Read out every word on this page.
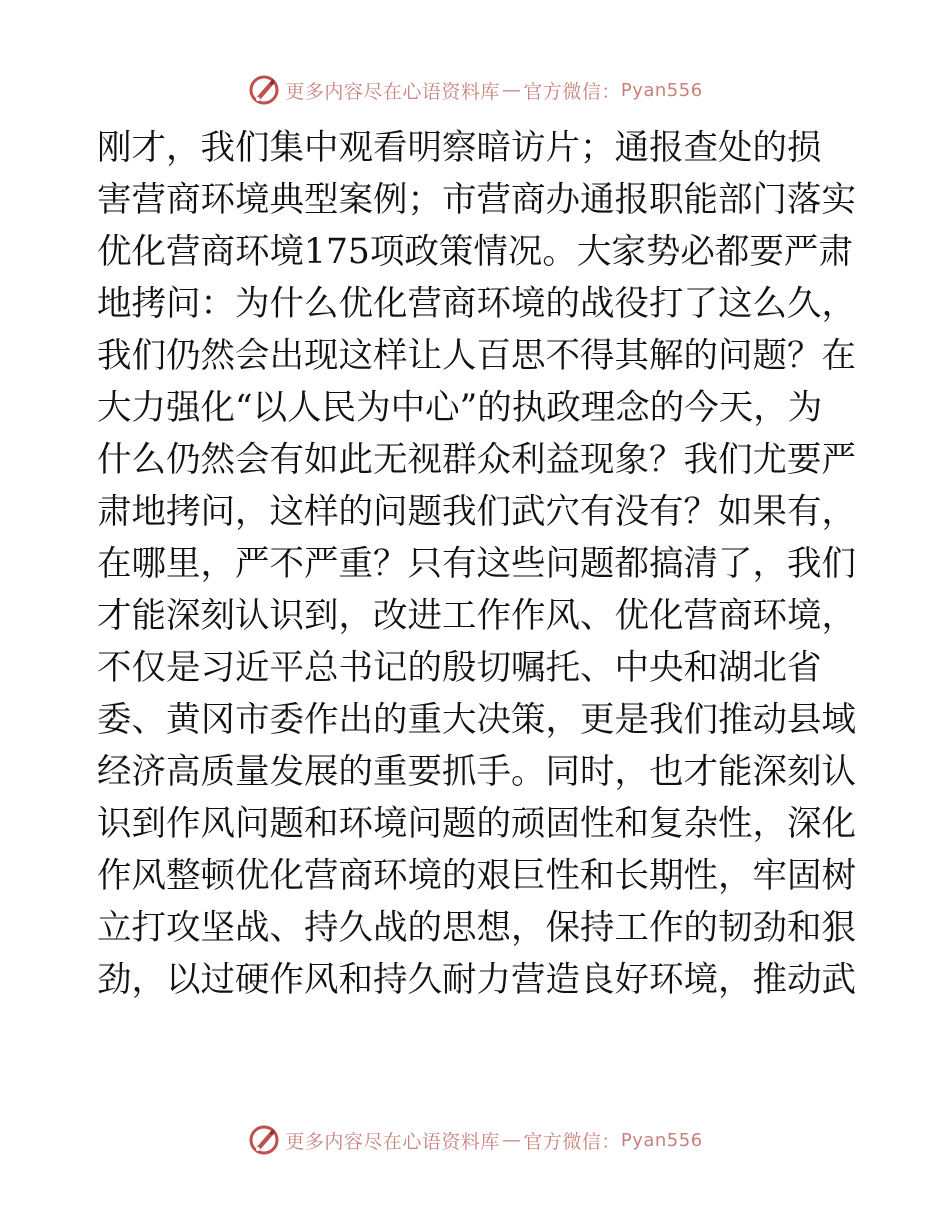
更多内容尽在心语资料库 — 官方微信： Pyan556
刚才，我们集中观看明察暗访片；通报查处的损
害营商环境典型案例；市营商办通报职能部门落实
优化营商环境175项政策情况。大家势必都要严肃
地拷问：为什么优化营商环境的战役打了这么久，
我们仍然会出现这样让人百思不得其解的问题？在
大力强化“以人民为中心”的执政理念的今天，为
什么仍然会有如此无视群众利益现象？我们尤要严
肃地拷问，这样的问题我们武穴有没有？如果有，
在哪里，严不严重？只有这些问题都搞清了，我们
才能深刻认识到，改进工作作风、优化营商环境，
不仅是习近平总书记的殷切嘱托、中央和湖北省
委、黄冈市委作出的重大决策，更是我们推动县域
经济高质量发展的重要抓手。同时，也才能深刻认
识到作风问题和环境问题的顽固性和复杂性，深化
作风整顿优化营商环境的艰巨性和长期性，牢固树
立打攻坚战、持久战的思想，保持工作的韧劲和狠
劲，以过硬作风和持久耐力营造良好环境，推动武
更多内容尽在心语资料库 — 官方微信： Pyan556
